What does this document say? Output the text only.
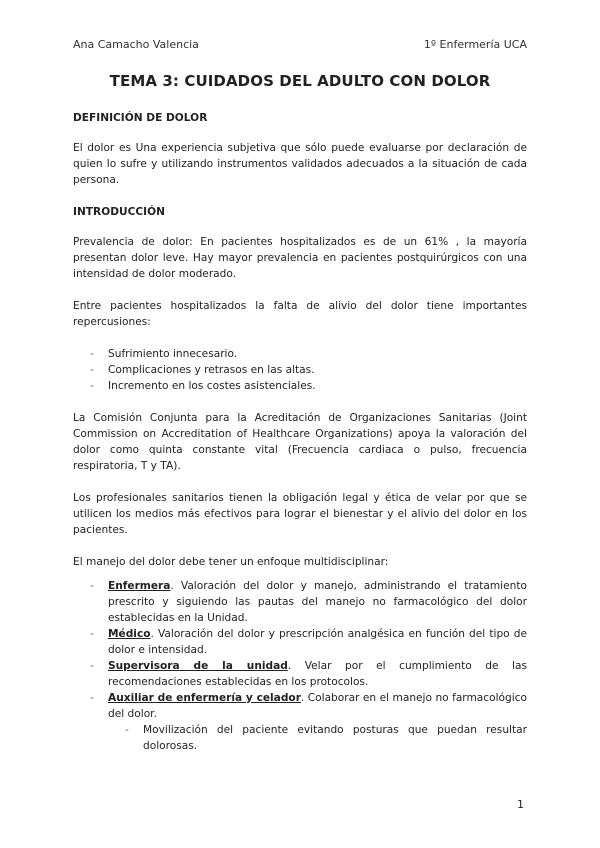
Ana Camacho Valencia	1º Enfermería UCA
TEMA 3: CUIDADOS DEL ADULTO CON DOLOR
DEFINICIÓN DE DOLOR

El dolor es Una experiencia subjetiva que sólo puede evaluarse por declaración de quien lo sufre y utilizando instrumentos validados adecuados a la situación de cada persona.

INTRODUCCIÓN

Prevalencia de dolor: En pacientes hospitalizados es de un 61% , la mayoría presentan dolor leve. Hay mayor prevalencia en pacientes postquirúrgicos con una intensidad de dolor moderado.

Entre pacientes hospitalizados la falta de alivio del dolor tiene importantes repercusiones:

- Sufrimiento innecesario.
- Complicaciones y retrasos en las altas.
- Incremento en los costes asistenciales.

La Comisión Conjunta para la Acreditación de Organizaciones Sanitarias (Joint Commission on Accreditation of Healthcare Organizations) apoya la valoración del dolor como quinta constante vital (Frecuencia cardiaca o pulso, frecuencia respiratoria, T y TA).

Los profesionales sanitarios tienen la obligación legal y ética de velar por que se utilicen los medios más efectivos para lograr el bienestar y el alivio del dolor en los pacientes.

El manejo del dolor debe tener un enfoque multidisciplinar:

- Enfermera. Valoración del dolor y manejo, administrando el tratamiento prescrito y siguiendo las pautas del manejo no farmacológico del dolor establecidas en la Unidad.
- Médico. Valoración del dolor y prescripción analgésica en función del tipo de dolor e intensidad.
- Supervisora de la unidad. Velar por el cumplimiento de las recomendaciones establecidas en los protocolos.
- Auxiliar de enfermería y celador. Colaborar en el manejo no farmacológico del dolor.
- Movilización del paciente evitando posturas que puedan resultar dolorosas.
1
